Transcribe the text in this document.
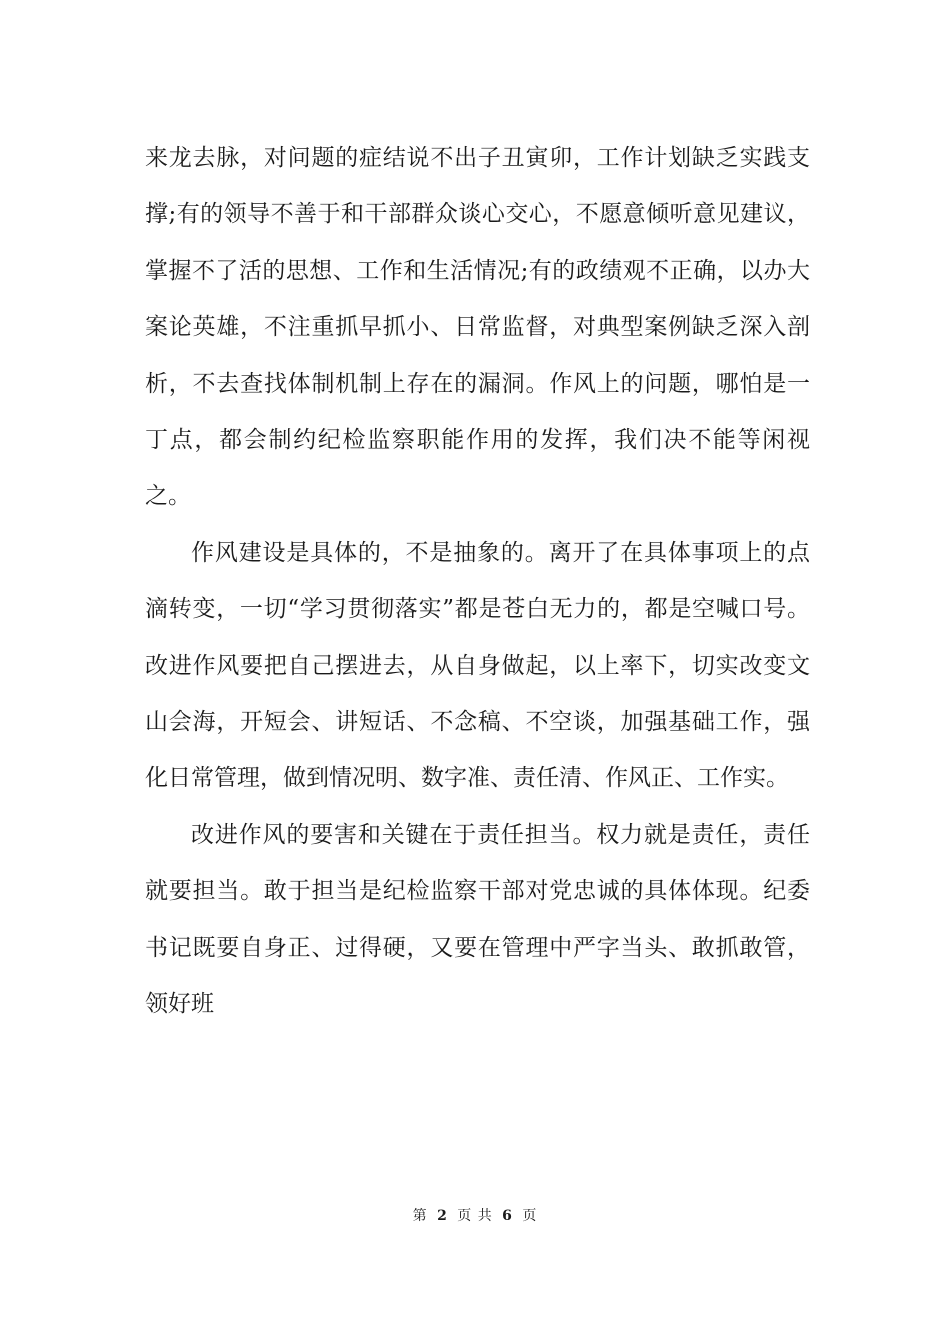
来龙去脉，对问题的症结说不出子丑寅卯，工作计划缺乏实践支撑;有的领导不善于和干部群众谈心交心，不愿意倾听意见建议，掌握不了活的思想、工作和生活情况;有的政绩观不正确，以办大案论英雄，不注重抓早抓小、日常监督，对典型案例缺乏深入剖析，不去查找体制机制上存在的漏洞。作风上的问题，哪怕是一丁点，都会制约纪检监察职能作用的发挥，我们决不能等闲视之。

作风建设是具体的，不是抽象的。离开了在具体事项上的点滴转变，一切“学习贯彻落实”都是苍白无力的，都是空喊口号。改进作风要把自己摆进去，从自身做起，以上率下，切实改变文山会海，开短会、讲短话、不念稿、不空谈，加强基础工作，强化日常管理，做到情况明、数字准、责任清、作风正、工作实。

改进作风的要害和关键在于责任担当。权力就是责任，责任就要担当。敢于担当是纪检监察干部对党忠诚的具体体现。纪委书记既要自身正、过得硬，又要在管理中严字当头、敢抓敢管，领好班

第 2 页 共 6 页
